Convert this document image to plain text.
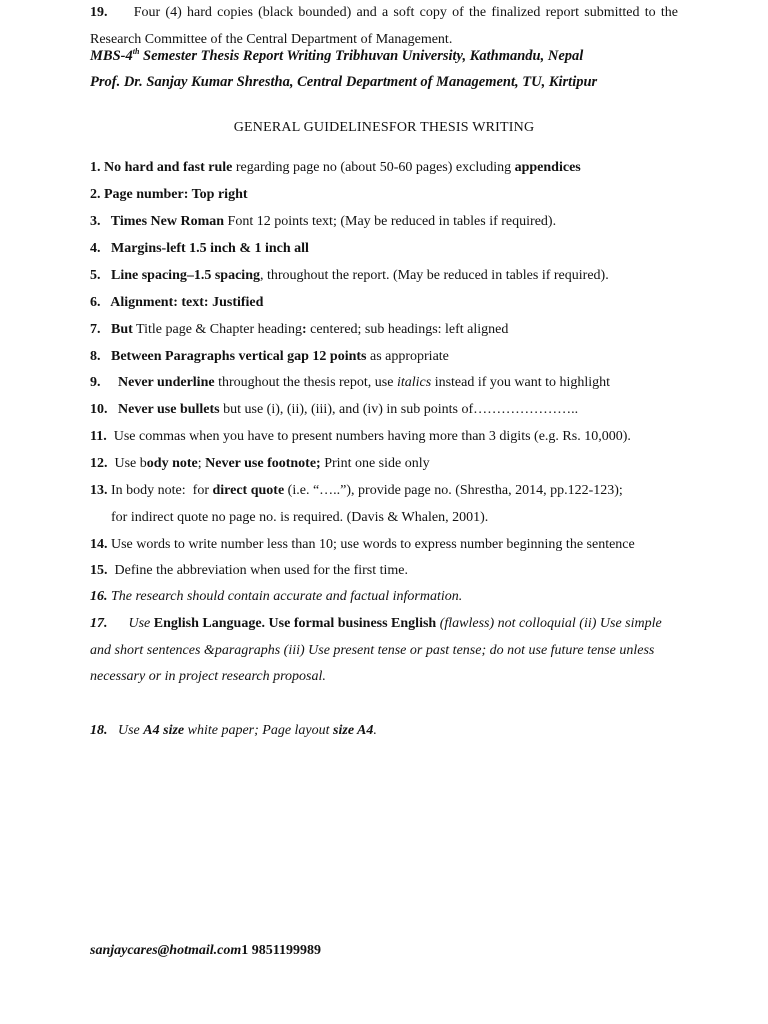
MBS-4th Semester Thesis Report Writing Tribhuvan University, Kathmandu, Nepal

Prof. Dr. Sanjay Kumar Shrestha, Central Department of Management, TU, Kirtipur

GENERAL GUIDELINESFOR THESIS WRITING

1. No hard and fast rule regarding page no (about 50-60 pages) excluding appendices

2. Page number: Top right

3.   Times New Roman Font 12 points text; (May be reduced in tables if required).

4.   Margins-left 1.5 inch & 1 inch all

5.   Line spacing–1.5 spacing, throughout the report. (May be reduced in tables if required).

6.   Alignment: text: Justified

7.   But Title page & Chapter heading: centered; sub headings: left aligned

8.   Between Paragraphs vertical gap 12 points as appropriate

9.     Never underline throughout the thesis repot, use italics instead if you want to highlight

10.   Never use bullets but use (i), (ii), (iii), and (iv) in sub points of…………………..

11.  Use commas when you have to present numbers having more than 3 digits (e.g. Rs. 10,000).

12.  Use body note; Never use footnote; Print one side only

13. In body note:  for direct quote (i.e. “…..”), provide page no. (Shrestha, 2014, pp.122-123);

for indirect quote no page no. is required. (Davis & Whalen, 2001).

14. Use words to write number less than 10; use words to express number beginning the sentence

15.  Define the abbreviation when used for the first time.

16. The research should contain accurate and factual information.

17.      Use English Language. Use formal business English (flawless) not colloquial (ii) Use simple and short sentences &paragraphs (iii) Use present tense or past tense; do not use future tense unless necessary or in project research proposal.

18.   Use A4 size white paper; Page layout size A4.

19.     Four (4) hard copies (black bounded) and a soft copy of the finalized report submitted to the Research Committee of the Central Department of Management.

sanjaycares@hotmail.com1 9851199989
